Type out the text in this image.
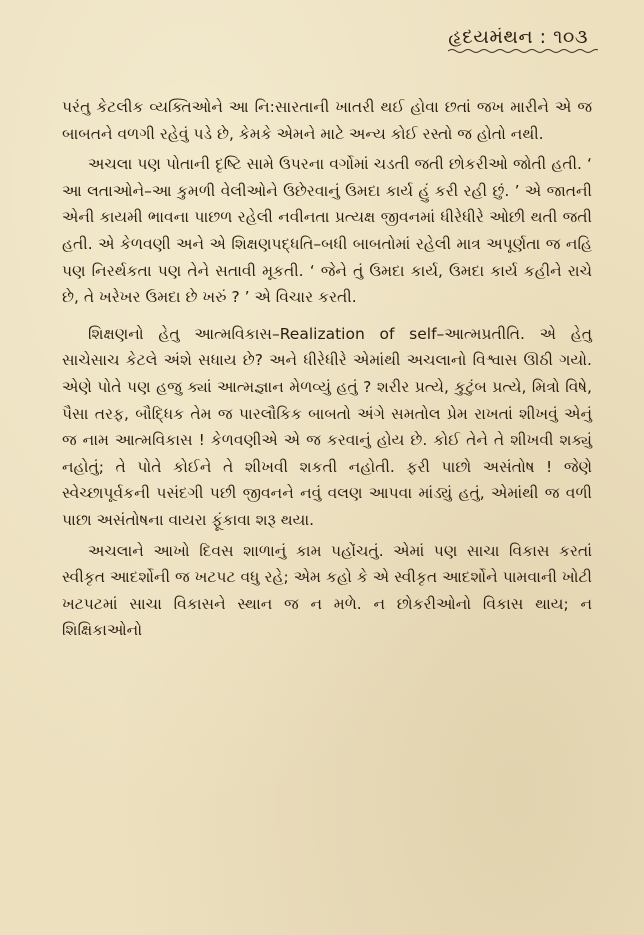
હૃદયમંથન : ૧૦૩

પરંતુ કેટલીક વ્યક્તિઓને આ નિ:સારતાની ખાતરી થઈ હોવા છતાં જખ મારીને એ જ બાબતને વળગી રહેવું પડે છે, કેમકે એમને માટે અન્ય કોઈ રસ્તો જ હોતો નથી.

અચલા પણ પોતાની દૃષ્ટિ સામે ઉપરના વર્ગોમાં ચડતી જતી છોકરીઓ જોતી હતી. ‘ આ લતાઓને–આ કુમળી વેલીઓને ઉછેરવાનું ઉમદા કાર્ય હું કરી રહી છું. ’ એ જાતની એની કાયમી ભાવના પાછળ રહેલી નવીનતા પ્રત્યક્ષ જીવનમાં ધીરેધીરે ઓછી થતી જતી હતી. એ કેળવણી અને એ શિક્ષણપદ્ધતિ–બધી બાબતોમાં રહેલી માત્ર અપૂર્ણતા જ નહિ પણ નિરર્થકતા પણ તેને સતાવી મૂકતી. ‘ જેને તું ઉમદા કાર્ય, ઉમદા કાર્ય કહીને રાચે છે, તે ખરેખર ઉમદા છે ખરું ? ’ એ વિચાર કરતી.

શિક્ષણનો હેતુ આત્મવિકાસ–Realization of self–આત્મપ્રતીતિ. એ હેતુ સાચેસાચ કેટલે અંશે સધાય છે? અને ધીરેધીરે એમાંથી અચલાનો વિશ્વાસ ઊઠી ગયો. એણે પોતે પણ હજુ ક્યાં આત્મજ્ઞાન મેળવ્યું હતું ? શરીર પ્રત્યે, કુટુંબ પ્રત્યે, મિત્રો વિષે, પૈસા તરફ, બૌદ્ધિક તેમ જ પારલૌકિક બાબતો અંગે સમતોલ પ્રેમ રાખતાં શીખવું એનું જ નામ આત્મવિકાસ ! કેળવણીએ એ જ કરવાનું હોય છે. કોઈ તેને તે શીખવી શક્યું નહોતું; તે પોતે કોઈને તે શીખવી શકતી નહોતી. ફરી પાછો અસંતોષ ! જેણે સ્વેચ્છાપૂર્વકની પસંદગી પછી જીવનને નવું વલણ આપવા માંડ્યું હતું, એમાંથી જ વળી પાછા અસંતોષના વાયરા ફૂંકાવા શરૂ થયા.

અચલાને આખો દિવસ શાળાનું કામ પહોંચતું. એમાં પણ સાચા વિકાસ કરતાં સ્વીકૃત આદર્શોની જ ખટપટ વધુ રહે; એમ કહો કે એ સ્વીકૃત આદર્શોને પામવાની ખોટી ખટપટમાં સાચા વિકાસને સ્થાન જ ન મળે. ન છોકરીઓનો વિકાસ થાય; ન શિક્ષિકાઓનો
